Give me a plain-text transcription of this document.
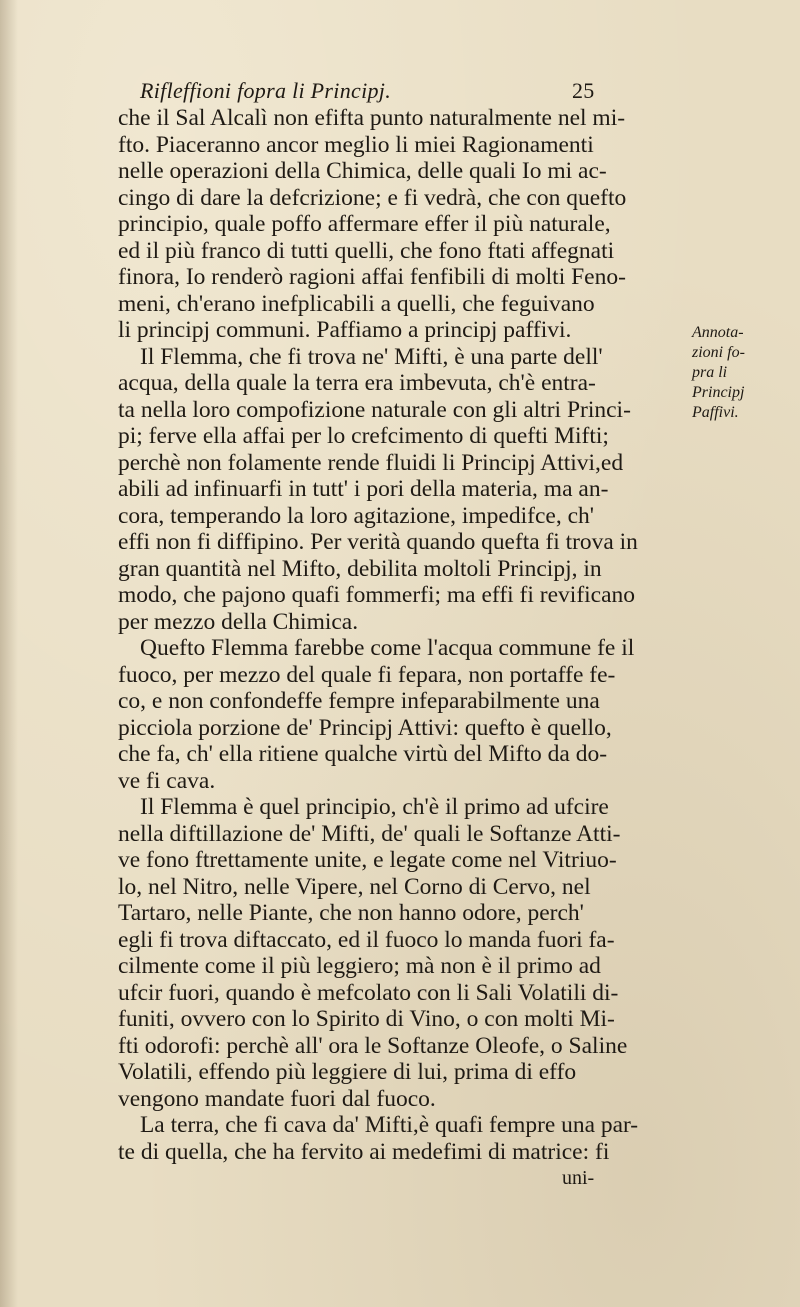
Rifleffioni fopra li Principj.	25
che il Sal Alcalì non efifta punto naturalmente nel mi-
fto. Piaceranno ancor meglio li miei Ragionamenti
nelle operazioni della Chimica, delle quali Io mi ac-
cingo di dare la defcrizione; e fi vedrà, che con quefto
principio, quale poffo affermare effer il più naturale,
ed il più franco di tutti quelli, che fono ftati affegnati
finora, Io renderò ragioni affai fenfibili di molti Feno-
meni, ch'erano inefplicabili a quelli, che feguivano
li principj communi. Paffiamo a principj paffivi.
Il Flemma, che fi trova ne' Mifti, è una parte dell'
acqua, della quale la terra era imbevuta, ch'è entra-
ta nella loro compofizione naturale con gli altri Princi-
pi; ferve ella affai per lo crefcimento di quefti Mifti;
perchè non folamente rende fluidi li Principj Attivi,ed
abili ad infinuarfi in tutt' i pori della materia, ma an-
cora, temperando la loro agitazione, impedifce, ch'
effi non fi diffipino. Per verità quando quefta fi trova in
gran quantità nel Mifto, debilita moltoli Principj, in
modo, che pajono quafi fommerfi; ma effi fi revificano
per mezzo della Chimica.
Quefto Flemma farebbe come l'acqua commune fe il
fuoco, per mezzo del quale fi fepara, non portaffe fe-
co, e non confondeffe fempre infeparabilmente una
picciola porzione de' Principj Attivi: quefto è quello,
che fa, ch' ella ritiene qualche virtù del Mifto da do-
ve fi cava.
Il Flemma è quel principio, ch'è il primo ad ufcire
nella diftillazione de' Mifti, de' quali le Softanze Atti-
ve fono ftrettamente unite, e legate come nel Vitriuo-
lo, nel Nitro, nelle Vipere, nel Corno di Cervo, nel
Tartaro, nelle Piante, che non hanno odore, perch'
egli fi trova diftaccato, ed il fuoco lo manda fuori fa-
cilmente come il più leggiero; mà non è il primo ad
ufcir fuori, quando è mefcolato con li Sali Volatili di-
funiti, ovvero con lo Spirito di Vino, o con molti Mi-
fti odorofi: perchè all' ora le Softanze Oleofe, o Saline
Volatili, effendo più leggiere di lui, prima di effo
vengono mandate fuori dal fuoco.
La terra, che fi cava da' Mifti,è quafi fempre una par-
te di quella, che ha fervito ai medefimi di matrice: fi
uni-
Annota-
zioni fo-
pra li
Principj
Paffivi.
